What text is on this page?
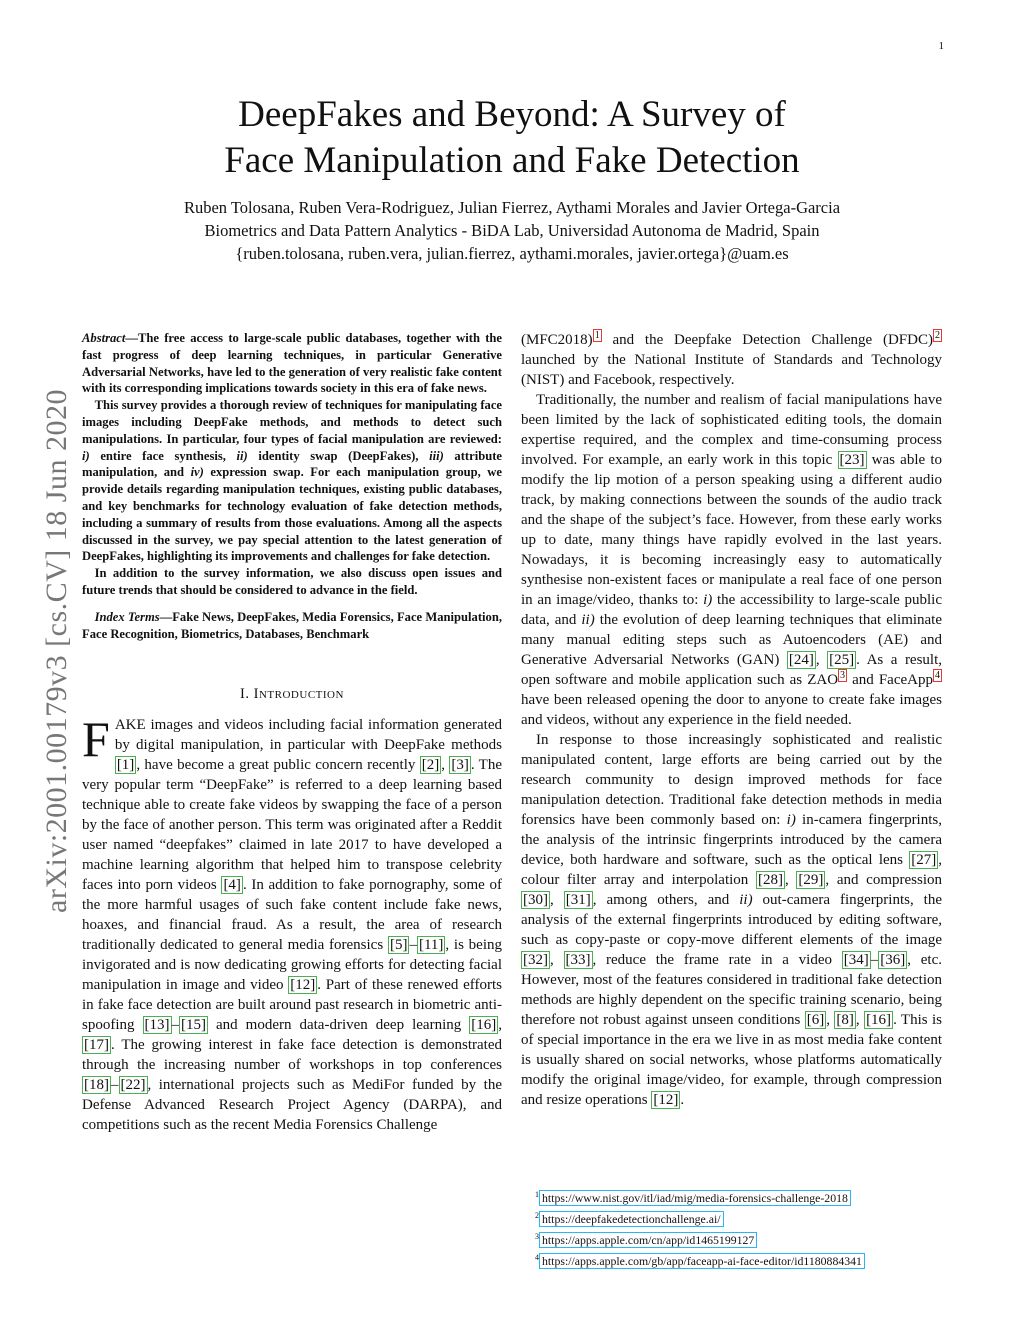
1
arXiv:2001.00179v3 [cs.CV] 18 Jun 2020
DeepFakes and Beyond: A Survey of
Face Manipulation and Fake Detection
Ruben Tolosana, Ruben Vera-Rodriguez, Julian Fierrez, Aythami Morales and Javier Ortega-Garcia
Biometrics and Data Pattern Analytics - BiDA Lab, Universidad Autonoma de Madrid, Spain
{ruben.tolosana, ruben.vera, julian.fierrez, aythami.morales, javier.ortega}@uam.es

Abstract—The free access to large-scale public databases, together with the fast progress of deep learning techniques, in particular Generative Adversarial Networks, have led to the generation of very realistic fake content with its corresponding implications towards society in this era of fake news.

This survey provides a thorough review of techniques for manipulating face images including DeepFake methods, and methods to detect such manipulations. In particular, four types of facial manipulation are reviewed: i) entire face synthesis, ii) identity swap (DeepFakes), iii) attribute manipulation, and iv) expression swap. For each manipulation group, we provide details regarding manipulation techniques, existing public databases, and key benchmarks for technology evaluation of fake detection methods, including a summary of results from those evaluations. Among all the aspects discussed in the survey, we pay special attention to the latest generation of DeepFakes, highlighting its improvements and challenges for fake detection.

In addition to the survey information, we also discuss open issues and future trends that should be considered to advance in the field.

Index Terms—Fake News, DeepFakes, Media Forensics, Face Manipulation, Face Recognition, Biometrics, Databases, Benchmark

I. INTRODUCTION

FAKE images and videos including facial information generated by digital manipulation, in particular with DeepFake methods [1] , have become a great public concern recently [2] , [3] . The very popular term “DeepFake” is referred to a deep learning based technique able to create fake videos by swapping the face of a person by the face of another person. This term was originated after a Reddit user named “deepfakes” claimed in late 2017 to have developed a machine learning algorithm that helped him to transpose celebrity faces into porn videos [4] . In addition to fake pornography, some of the more harmful usages of such fake content include fake news, hoaxes, and financial fraud. As a result, the area of research traditionally dedicated to general media forensics [5] – [11] , is being invigorated and is now dedicating growing efforts for detecting facial manipulation in image and video [12] . Part of these renewed efforts in fake face detection are built around past research in biometric anti-spoofing [13] – [15] and modern data-driven deep learning [16] , [17] . The growing interest in fake face detection is demonstrated through the increasing number of workshops in top conferences [18] – [22] , international projects such as MediFor funded by the Defense Advanced Research Project Agency (DARPA), and competitions such as the recent Media Forensics Challenge

(MFC2018) $^1$ and the Deepfake Detection Challenge (DFDC) $^2$ launched by the National Institute of Standards and Technology (NIST) and Facebook, respectively.

Traditionally, the number and realism of facial manipulations have been limited by the lack of sophisticated editing tools, the domain expertise required, and the complex and time-consuming process involved. For example, an early work in this topic [23] was able to modify the lip motion of a person speaking using a different audio track, by making connections between the sounds of the audio track and the shape of the subject’s face. However, from these early works up to date, many things have rapidly evolved in the last years. Nowadays, it is becoming increasingly easy to automatically synthesise non-existent faces or manipulate a real face of one person in an image/video, thanks to: i) the accessibility to large-scale public data, and ii) the evolution of deep learning techniques that eliminate many manual editing steps such as Autoencoders (AE) and Generative Adversarial Networks (GAN) [24] , [25] . As a result, open software and mobile application such as ZAO $^3$ and FaceApp $^4$ have been released opening the door to anyone to create fake images and videos, without any experience in the field needed.

In response to those increasingly sophisticated and realistic manipulated content, large efforts are being carried out by the research community to design improved methods for face manipulation detection. Traditional fake detection methods in media forensics have been commonly based on: i) in-camera fingerprints, the analysis of the intrinsic fingerprints introduced by the camera device, both hardware and software, such as the optical lens [27] , colour filter array and interpolation [28] , [29] , and compression [30] , [31] , among others, and ii) out-camera fingerprints, the analysis of the external fingerprints introduced by editing software, such as copy-paste or copy-move different elements of the image [32] , [33] , reduce the frame rate in a video [34] – [36] , etc. However, most of the features considered in traditional fake detection methods are highly dependent on the specific training scenario, being therefore not robust against unseen conditions [6] , [8] , [16] . This is of special importance in the era we live in as most media fake content is usually shared on social networks, whose platforms automatically modify the original image/video, for example, through compression and resize operations [12] .

$^1$ https://www.nist.gov/itl/iad/mig/media-forensics-challenge-2018
$^2$ https://deepfakedetectionchallenge.ai/
$^3$ https://apps.apple.com/cn/app/id1465199127
$^4$ https://apps.apple.com/gb/app/faceapp-ai-face-editor/id1180884341
